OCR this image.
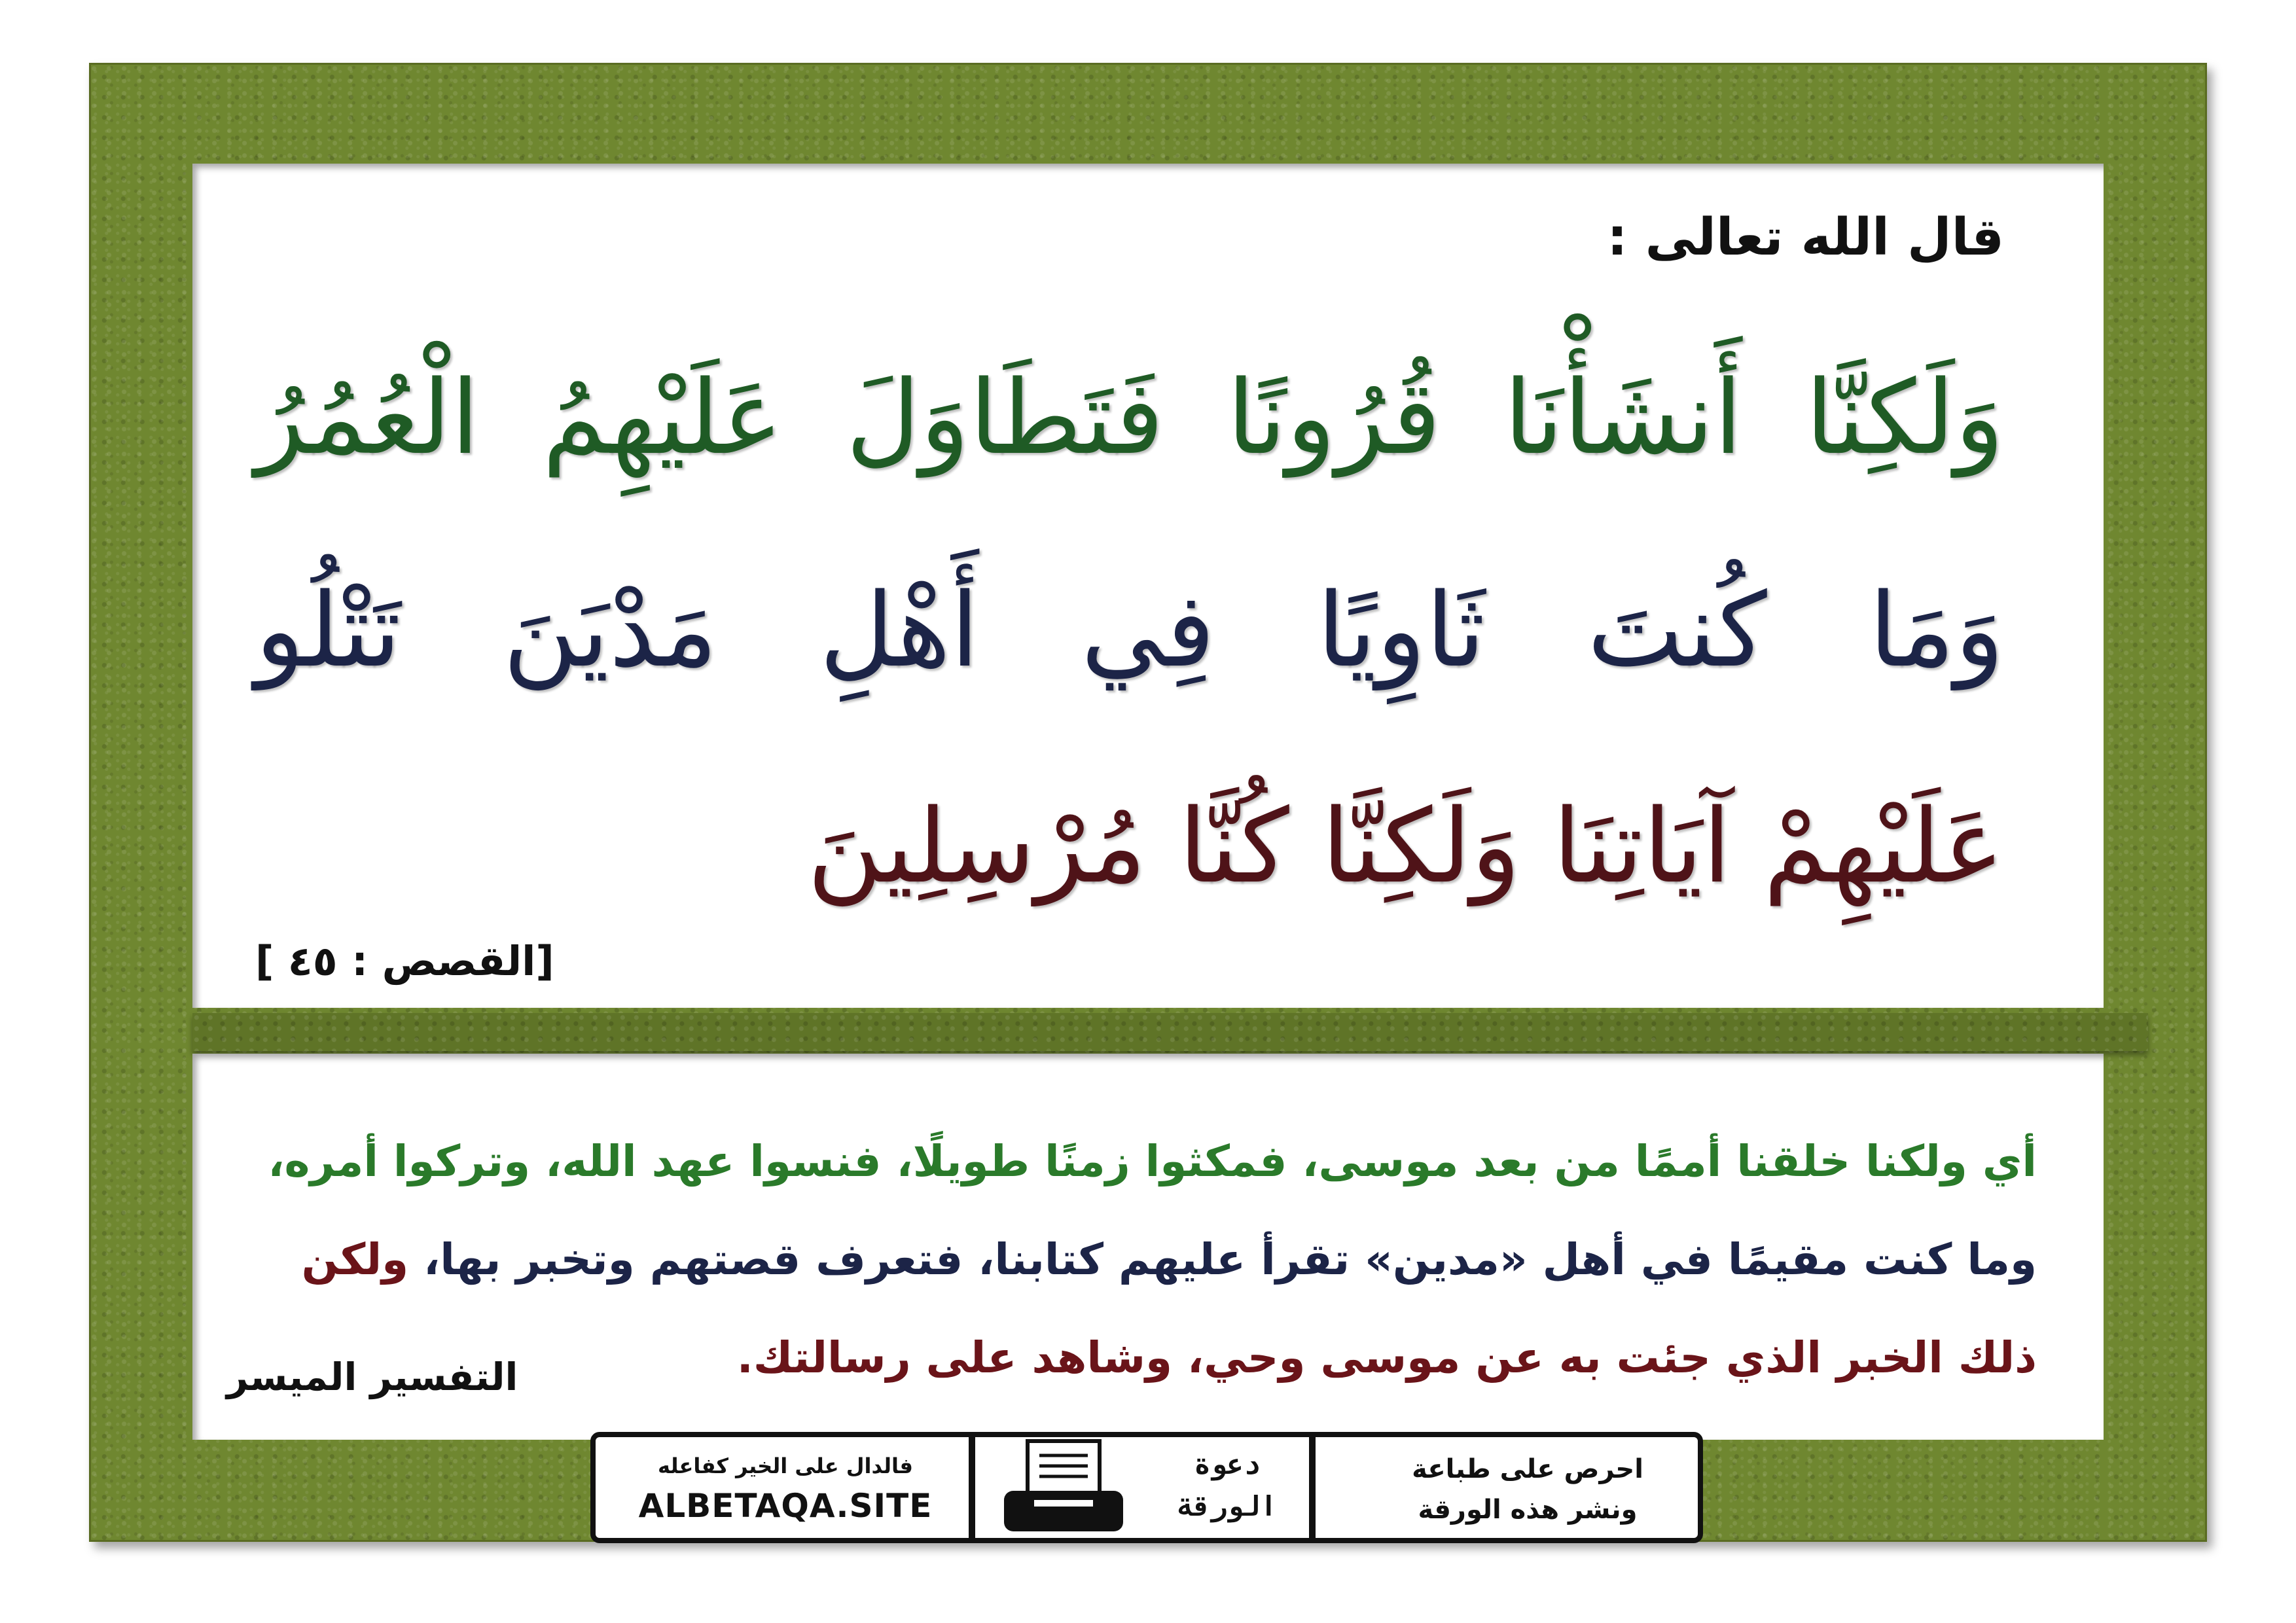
قال الله تعالى :
وَلَكِنَّا أَنشَأْنَا قُرُونًا فَتَطَاوَلَ عَلَيْهِمُ الْعُمُرُ
وَمَا كُنتَ ثَاوِيًا فِي أَهْلِ مَدْيَنَ تَتْلُو
عَلَيْهِمْ آيَاتِنَا وَلَكِنَّا كُنَّا مُرْسِلِينَ
[القصص : ٤٥ ]
أي ولكنا خلقنا أممًا من بعد موسى، فمكثوا زمنًا طويلًا، فنسوا عهد الله، وتركوا أمره،
وما كنت مقيمًا في أهل «مدين» تقرأ عليهم كتابنا، فتعرف قصتهم وتخبر بها، ولكن
ذلك الخبر الذي جئت به عن موسى وحي، وشاهد على رسالتك.
التفسير الميسر
احرص على طباعة
ونشر هذه الورقة
دعوة
الورقة
فالدال على الخير كفاعله
ALBETAQA.SITE
